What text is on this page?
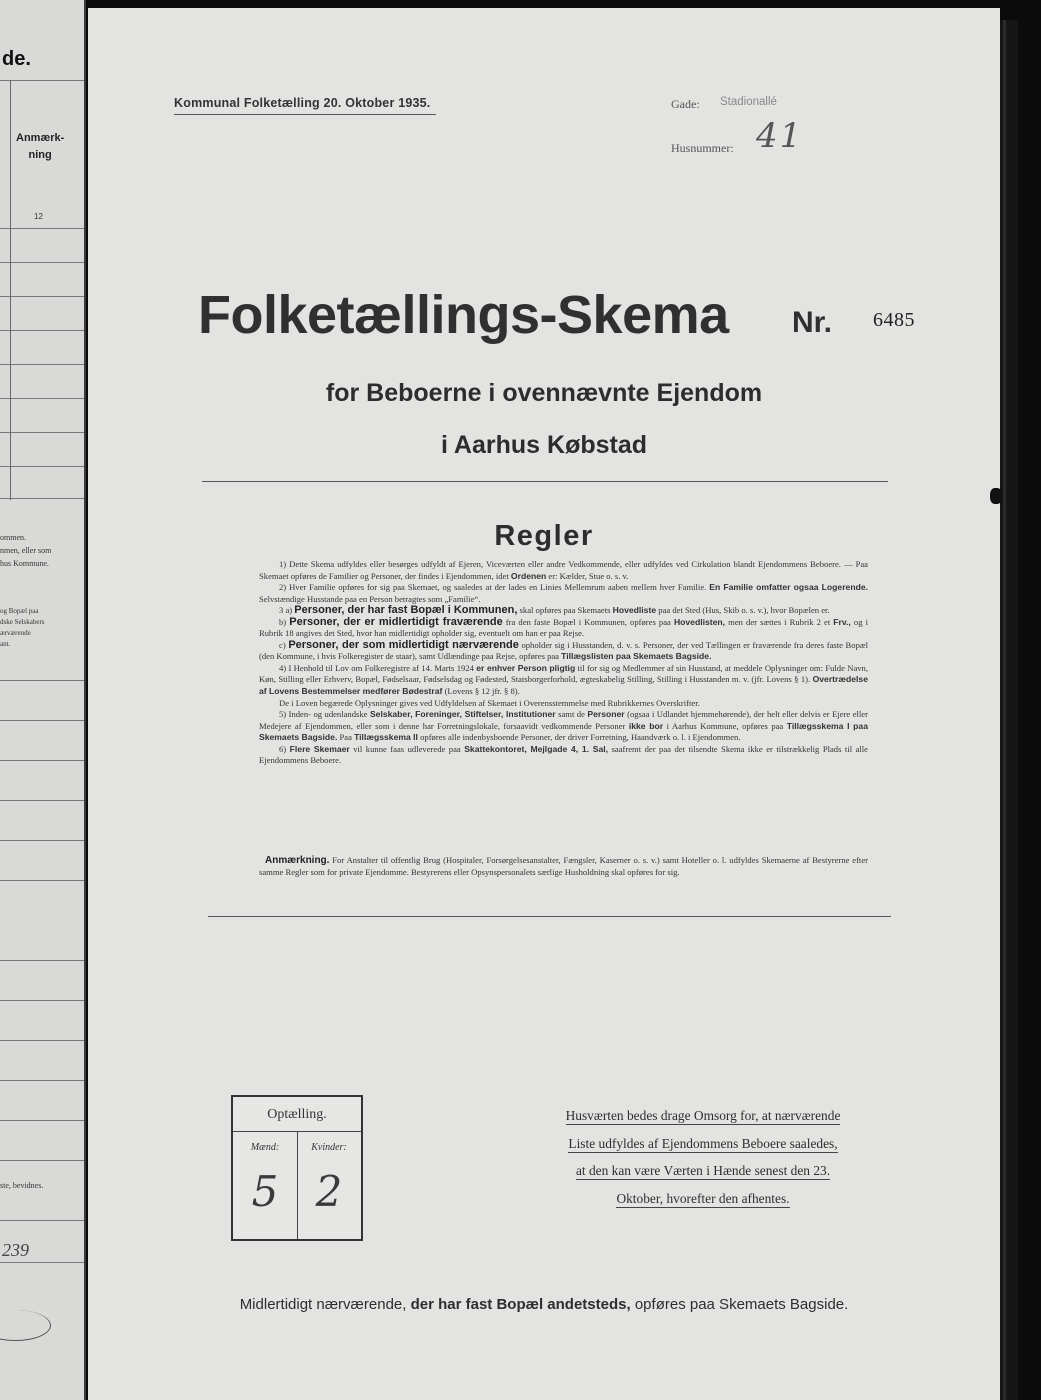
de.
Anmærk-
ning
12
ommen.
nmen, eller som
hus Kommune.
og Bopæl paa
dske Selskabers
ærværende
ant.
ste, bevidnes.
239
Kommunal Folketælling 20. Oktober 1935.	Gade: Stadionallé
Husnummer: 41
Folketællings-Skema Nr. 6485
for Beboerne i ovennævnte Ejendom
i Aarhus Købstad
Regler

1) Dette Skema udfyldes eller besørges udfyldt af Ejeren, Viceværten eller andre Vedkommende, eller udfyldes ved Cirkulation blandt Ejendommens Beboere. — Paa Skemaet opføres de Familier og Personer, der findes i Ejendommen, idet Ordenen er: Kælder, Stue o. s. v.

2) Hver Familie opføres for sig paa Skemaet, og saaledes at der lades en Linies Mellemrum aaben mellem hver Familie. En Familie omfatter ogsaa Logerende. Selvstændige Husstande paa en Person betragtes som „Familie“.

3 a) Personer, der har fast Bopæl i Kommunen, skal opføres paa Skemaets Hovedliste paa det Sted (Hus, Skib o. s. v.), hvor Bopælen er.

b) Personer, der er midlertidigt fraværende fra den faste Bopæl i Kommunen, opføres paa Hovedlisten, men der sættes i Rubrik 2 et Frv., og i Rubrik 18 angives det Sted, hvor han midlertidigt opholder sig, eventuelt om han er paa Rejse.

c) Personer, der som midlertidigt nærværende opholder sig i Husstanden, d. v. s. Personer, der ved Tællingen er fraværende fra deres faste Bopæl (den Kommune, i hvis Folkeregister de staar), samt Udlændinge paa Rejse, opføres paa Tillægslisten paa Skemaets Bagside.

4) I Henhold til Lov om Folkeregistre af 14. Marts 1924 er enhver Person pligtig til for sig og Medlemmer af sin Husstand, at meddele Oplysninger om: Fulde Navn, Køn, Stilling eller Erhverv, Bopæl, Fødselsaar, Fødselsdag og Fødested, Statsborgerforhold, ægteskabelig Stilling, Stilling i Husstanden m. v. (jfr. Lovens § 1). Overtrædelse af Lovens Bestemmelser medfører Bødestraf (Lovens § 12 jfr. § 8).

De i Loven begærede Oplysninger gives ved Udfyldelsen af Skemaet i Overensstemmelse med Rubrikkernes Overskrifter.

5) Inden- og udenlandske Selskaber, Foreninger, Stiftelser, Institutioner samt de Personer (ogsaa i Udlandet hjemmehørende), der helt eller delvis er Ejere eller Medejere af Ejendommen, eller som i denne har Forretningslokale, forsaavidt vedkommende Personer ikke bor i Aarhus Kommune, opføres paa Tillægsskema I paa Skemaets Bagside. Paa Tillægsskema II opføres alle indenbysboende Personer, der driver Forretning, Haandværk o. l. i Ejendommen.

6) Flere Skemaer vil kunne faas udleverede paa Skattekontoret, Mejlgade 4, 1. Sal, saafremt der paa det tilsendte Skema ikke er tilstrækkelig Plads til alle Ejendommens Beboere.

Anmærkning. For Anstalter til offentlig Brug (Hospitaler, Forsørgelsesanstalter, Fængsler, Kaserner o. s. v.) samt Hoteller o. l. udfyldes Skemaerne af Bestyrerne efter samme Regler som for private Ejendomme. Bestyrerens eller Opsynspersonalets særlige Husholdning skal opføres for sig.
Optælling.
Mænd:	Kvinder:
5 2
Husværten bedes drage Omsorg for, at nærværende
Liste udfyldes af Ejendommens Beboere saaledes,
at den kan være Værten i Hænde senest den 23.
Oktober, hvorefter den afhentes.
Midlertidigt nærværende, der har fast Bopæl andetsteds, opføres paa Skemaets Bagside.
